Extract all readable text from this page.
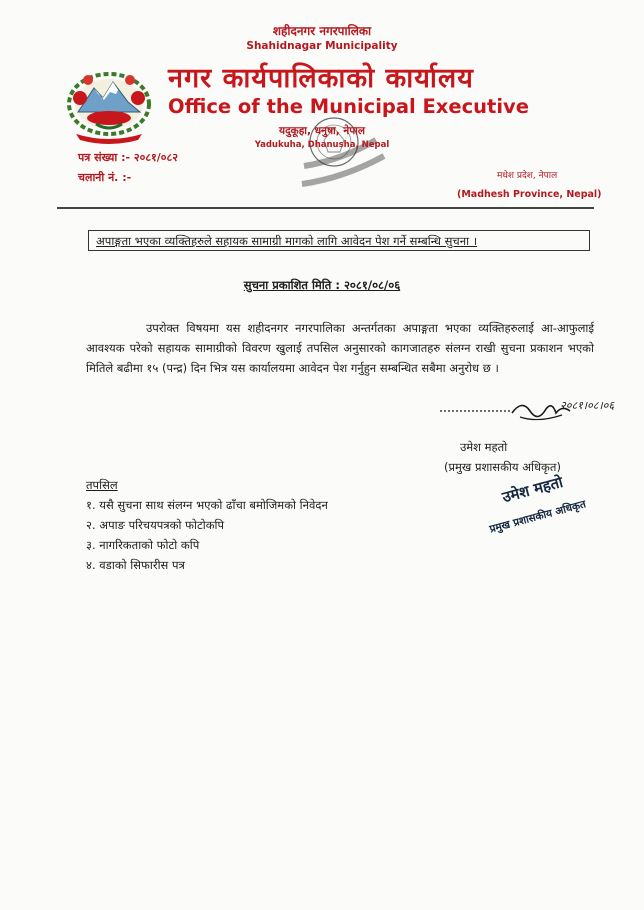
शहीदनगर नगरपालिका
Shahidnagar Municipality
नगर कार्यपालिकाको कार्यालय
Office of the Municipal Executive
यदुकूहा, धनुषा, नेपाल
Yadukuha, Dhanusha, Nepal
पत्र संख्या :- २०८१/०८२
चलानी नं. :-	मधेश प्रदेश, नेपाल
(Madhesh Province, Nepal)
अपाङ्गता भएका व्यक्तिहरुले सहायक सामाग्री मागको लागि आवेदन पेश गर्ने सम्बन्धि सुचना ।
सुचना प्रकाशित मिति : २०८१/०८/०६

उपरोक्त विषयमा यस शहीदनगर नगरपालिका अन्तर्गतका अपाङ्गता भएका व्यक्तिहरुलाई आ-आफुलाई आवश्यक परेको सहायक सामाग्रीको विवरण खुलाई तपसिल अनुसारको कागजातहरु संलग्न राखी सुचना प्रकाशन भएको मितिले बढीमा १५ (पन्द्र) दिन भित्र यस कार्यालयमा आवेदन पेश गर्नुहुन सम्बन्धित सबैमा अनुरोध छ ।

२०८१।०८।०६
उमेश महतो
(प्रमुख प्रशासकीय अधिकृत)
तपसिल
१. यसै सुचना साथ संलग्न भएको ढाँचा बमोजिमको निवेदन
२. अपाङ परिचयपत्रको फोटोकपि
३. नागरिकताको फोटो कपि
४. वडाको सिफारीस पत्र
उमेश महतो
प्रमुख प्रशासकीय अधिकृत
